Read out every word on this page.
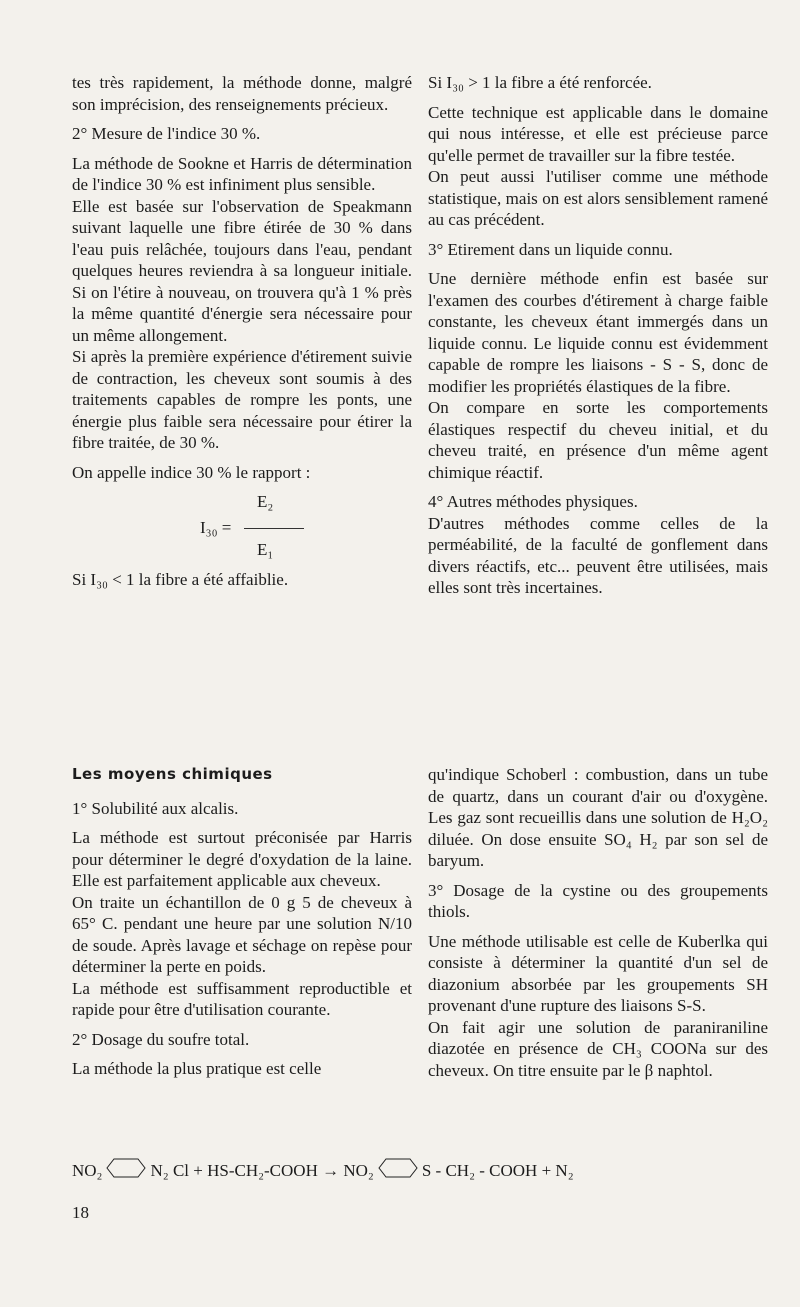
tes très rapidement, la méthode donne, malgré son imprécision, des renseignements précieux.

2° Mesure de l'indice 30 %.

La méthode de Sookne et Harris de détermination de l'indice 30 % est infiniment plus sensible.

Elle est basée sur l'observation de Speakmann suivant laquelle une fibre étirée de 30 % dans l'eau puis relâchée, toujours dans l'eau, pendant quelques heures reviendra à sa longueur initiale. Si on l'étire à nouveau, on trouvera qu'à 1 % près la même quantité d'énergie sera nécessaire pour un même allongement.

Si après la première expérience d'étirement suivie de contraction, les cheveux sont soumis à des traitements capables de rompre les ponts, une énergie plus faible sera nécessaire pour étirer la fibre traitée, de 30 %.

On appelle indice 30 % le rapport :

E₂
I₃₀ =
E₁

Si I₃₀ < 1 la fibre a été affaiblie.

Si I₃₀ > 1 la fibre a été renforcée.

Cette technique est applicable dans le domaine qui nous intéresse, et elle est précieuse parce qu'elle permet de travailler sur la fibre testée.

On peut aussi l'utiliser comme une méthode statistique, mais on est alors sensiblement ramené au cas précédent.

3° Etirement dans un liquide connu.

Une dernière méthode enfin est basée sur l'examen des courbes d'étirement à charge faible constante, les cheveux étant immergés dans un liquide connu. Le liquide connu est évidemment capable de rompre les liaisons - S - S, donc de modifier les propriétés élastiques de la fibre.

On compare en sorte les comportements élastiques respectif du cheveu initial, et du cheveu traité, en présence d'un même agent chimique réactif.

4° Autres méthodes physiques.

D'autres méthodes comme celles de la perméabilité, de la faculté de gonflement dans divers réactifs, etc... peuvent être utilisées, mais elles sont très incertaines.

Les moyens chimiques

1° Solubilité aux alcalis.

La méthode est surtout préconisée par Harris pour déterminer le degré d'oxydation de la laine. Elle est parfaitement applicable aux cheveux.

On traite un échantillon de 0 g 5 de cheveux à 65° C. pendant une heure par une solution N/10 de soude. Après lavage et séchage on repèse pour déterminer la perte en poids.

La méthode est suffisamment reproductible et rapide pour être d'utilisation courante.

2° Dosage du soufre total.

La méthode la plus pratique est celle

qu'indique Schoberl : combustion, dans un tube de quartz, dans un courant d'air ou d'oxygène. Les gaz sont recueillis dans une solution de H₂O₂ diluée. On dose ensuite SO₄ H₂ par son sel de baryum.

3° Dosage de la cystine ou des groupements thiols.

Une méthode utilisable est celle de Kuberlka qui consiste à déterminer la quantité d'un sel de diazonium absorbée par les groupements SH provenant d'une rupture des liaisons S-S.

On fait agir une solution de paraniraniline diazotée en présence de CH₃ COONa sur des cheveux. On titre ensuite par le β naphtol.

NO₂	N₂ Cl + HS-CH₂-COOH → NO₂	S - CH₂ - COOH + N₂
18
